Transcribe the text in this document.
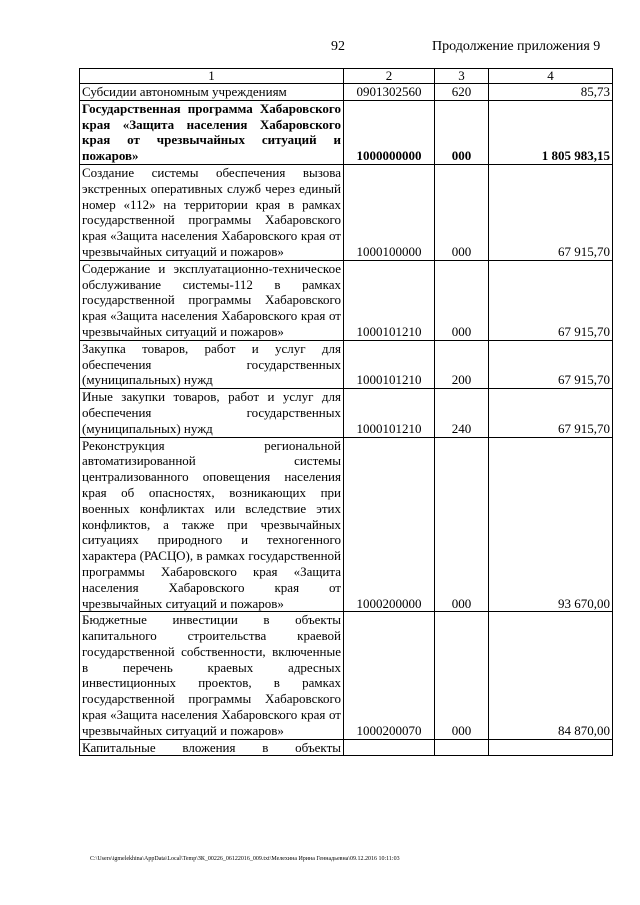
92	Продолжение приложения 9
1	2	3	4
Субсидии автономным учреждениям	0901302560	620	85,73
Государственная программа Хабаровского края «Защита населения Хабаровского края от чрезвычайных ситуаций и пожаров»	1000000000	000	1 805 983,15
Создание системы обеспечения вызова экстренных оперативных служб через единый номер «112» на территории края в рамках государственной программы Хабаровского края «Защита населения Хабаровского края от чрезвычайных ситуаций и пожаров»	1000100000	000	67 915,70
Содержание и эксплуатационно-техническое обслуживание системы-112 в рамках государственной программы Хабаровского края «Защита населения Хабаровского края от чрезвычайных ситуаций и пожаров»	1000101210	000	67 915,70
Закупка товаров, работ и услуг для обеспечения государственных (муниципальных) нужд	1000101210	200	67 915,70
Иные закупки товаров, работ и услуг для обеспечения государственных (муниципальных) нужд	1000101210	240	67 915,70
Реконструкция региональной автоматизированной системы централизованного оповещения населения края об опасностях, возникающих при военных конфликтах или вследствие этих конфликтов, а также при чрезвычайных ситуациях природного и техногенного характера (РАСЦО), в рамках государственной программы Хабаровского края «Защита населения Хабаровского края от чрезвычайных ситуаций и пожаров»	1000200000	000	93 670,00
Бюджетные инвестиции в объекты капитального строительства краевой государственной собственности, включенные в перечень краевых адресных инвестиционных проектов, в рамках государственной программы Хабаровского края «Защита населения Хабаровского края от чрезвычайных ситуаций и пожаров»	1000200070	000	84 870,00
Капитальные вложения в объекты			
C:\Users\igmelekhina\AppData\Local\Temp\ЗК_00226_06122016_009.txt\Мелехина Ирина Геннадьевна\09.12.2016 10:11:03
